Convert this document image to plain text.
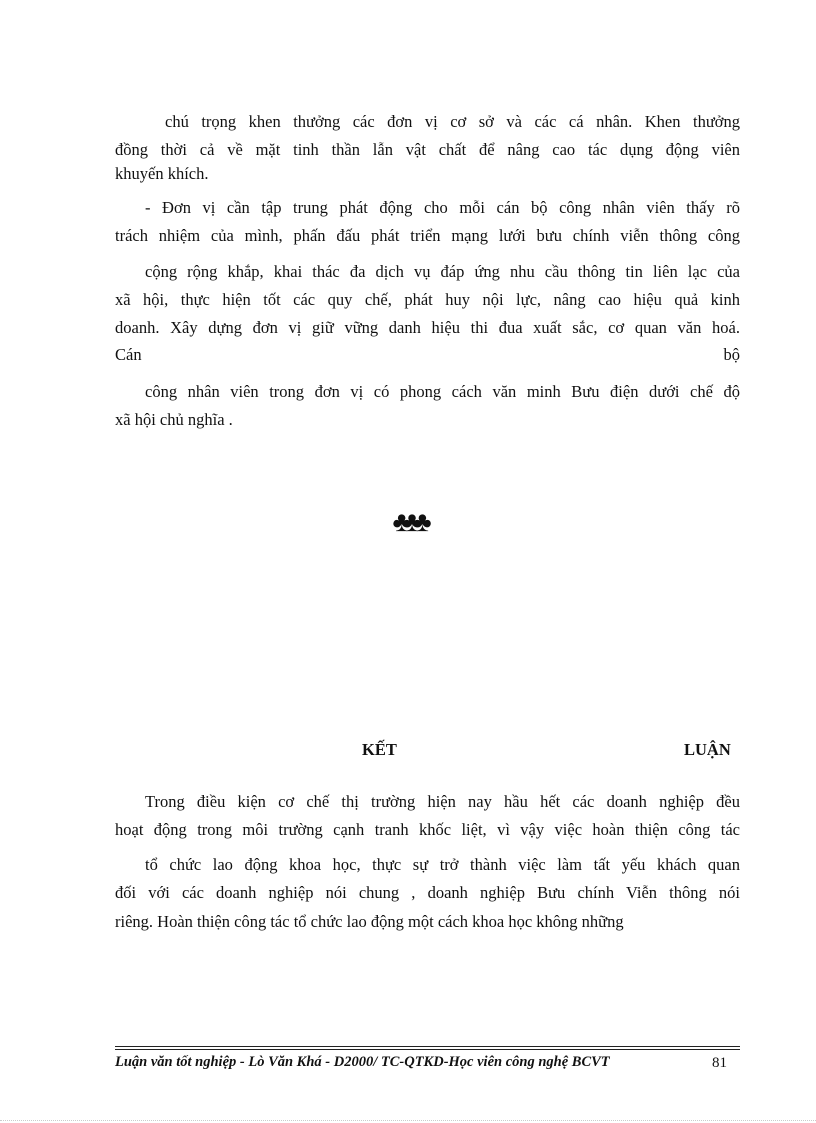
chú trọng khen thưởng các đơn vị cơ sở và các cá nhân. Khen thưởng
đồng thời cả về mặt tinh thần lẫn vật chất để nâng cao tác dụng động viên
khuyến khích.
- Đơn vị cần tập trung phát động cho mỗi cán bộ công nhân viên thấy rõ
trách nhiệm của mình, phấn đấu phát triển mạng lưới bưu chính viễn thông công
cộng rộng khắp, khai thác đa dịch vụ đáp ứng nhu cầu thông tin liên lạc của
xã hội, thực hiện tốt các quy chế, phát huy nội lực, nâng cao hiệu quả kinh
doanh. Xây dựng đơn vị giữ vững danh hiệu thi đua xuất sắc, cơ quan văn hoá.
Cán bộ
công nhân viên trong đơn vị có phong cách văn minh Bưu điện dưới chế độ
xã hội chủ nghĩa .
♣♣♣
KẾT	LUẬN
Trong điều kiện cơ chế thị trường hiện nay hầu hết các doanh nghiệp đều
hoạt động trong môi trường cạnh tranh khốc liệt, vì vậy việc hoàn thiện công tác
tổ chức lao động khoa học, thực sự trở thành việc làm tất yếu khách quan
đối với các doanh nghiệp nói chung , doanh nghiệp Bưu chính Viễn thông nói
riêng. Hoàn thiện công tác tổ chức lao động một cách khoa học không những
Luận văn tốt nghiệp - Lò Văn Khá - D2000/ TC-QTKD-Học viên công nghệ BCVT	81
